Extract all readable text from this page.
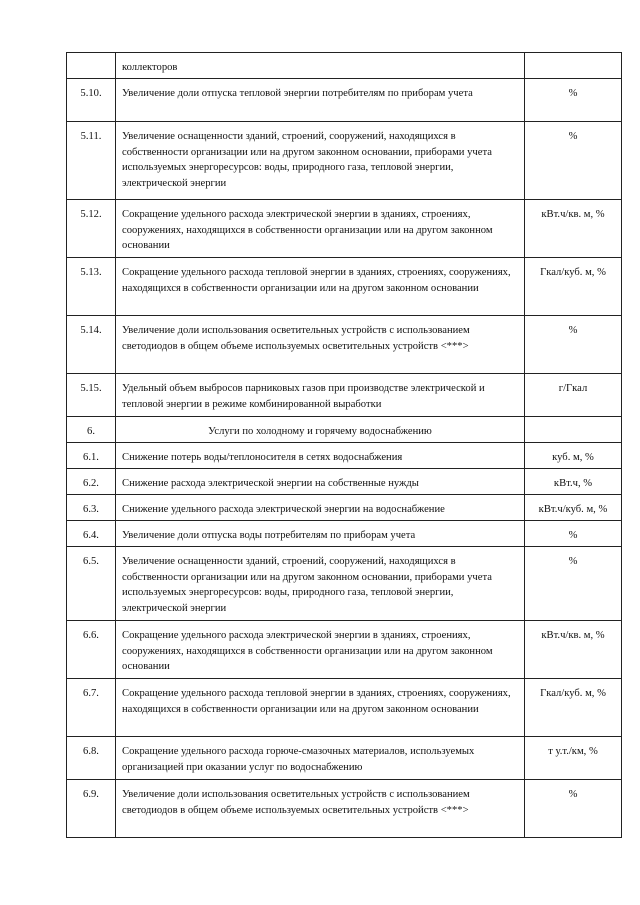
	коллекторов	
5.10.	Увеличение доли отпуска тепловой энергии потребителям по приборам учета	%
5.11.	Увеличение оснащенности зданий, строений, сооружений, находящихся в собственности организации или на другом законном основании, приборами учета используемых энергоресурсов: воды, природного газа, тепловой энергии, электрической энергии	%
5.12.	Сокращение удельного расхода электрической энергии в зданиях, строениях, сооружениях, находящихся в собственности организации или на другом законном основании	кВт.ч/кв. м, %
5.13.	Сокращение удельного расхода тепловой энергии в зданиях, строениях, сооружениях, находящихся в собственности организации или на другом законном основании	Гкал/куб. м, %
5.14.	Увеличение доли использования осветительных устройств с использованием светодиодов в общем объеме используемых осветительных устройств <***>	%
5.15.	Удельный объем выбросов парниковых газов при производстве электрической и тепловой энергии в режиме комбинированной выработки	г/Гкал
6.	Услуги по холодному и горячему водоснабжению	
6.1.	Снижение потерь воды/теплоносителя в сетях водоснабжения	куб. м, %
6.2.	Снижение расхода электрической энергии на собственные нужды	кВт.ч, %
6.3.	Снижение удельного расхода электрической энергии на водоснабжение	кВт.ч/куб. м, %
6.4.	Увеличение доли отпуска воды потребителям по приборам учета	%
6.5.	Увеличение оснащенности зданий, строений, сооружений, находящихся в собственности организации или на другом законном основании, приборами учета используемых энергоресурсов: воды, природного газа, тепловой энергии, электрической энергии	%
6.6.	Сокращение удельного расхода электрической энергии в зданиях, строениях, сооружениях, находящихся в собственности организации или на другом законном основании	кВт.ч/кв. м, %
6.7.	Сокращение удельного расхода тепловой энергии в зданиях, строениях, сооружениях, находящихся в собственности организации или на другом законном основании	Гкал/куб. м, %
6.8.	Сокращение удельного расхода горюче-смазочных материалов, используемых организацией при оказании услуг по водоснабжению	т у.т./км, %
6.9.	Увеличение доли использования осветительных устройств с использованием светодиодов в общем объеме используемых осветительных устройств <***>	%
